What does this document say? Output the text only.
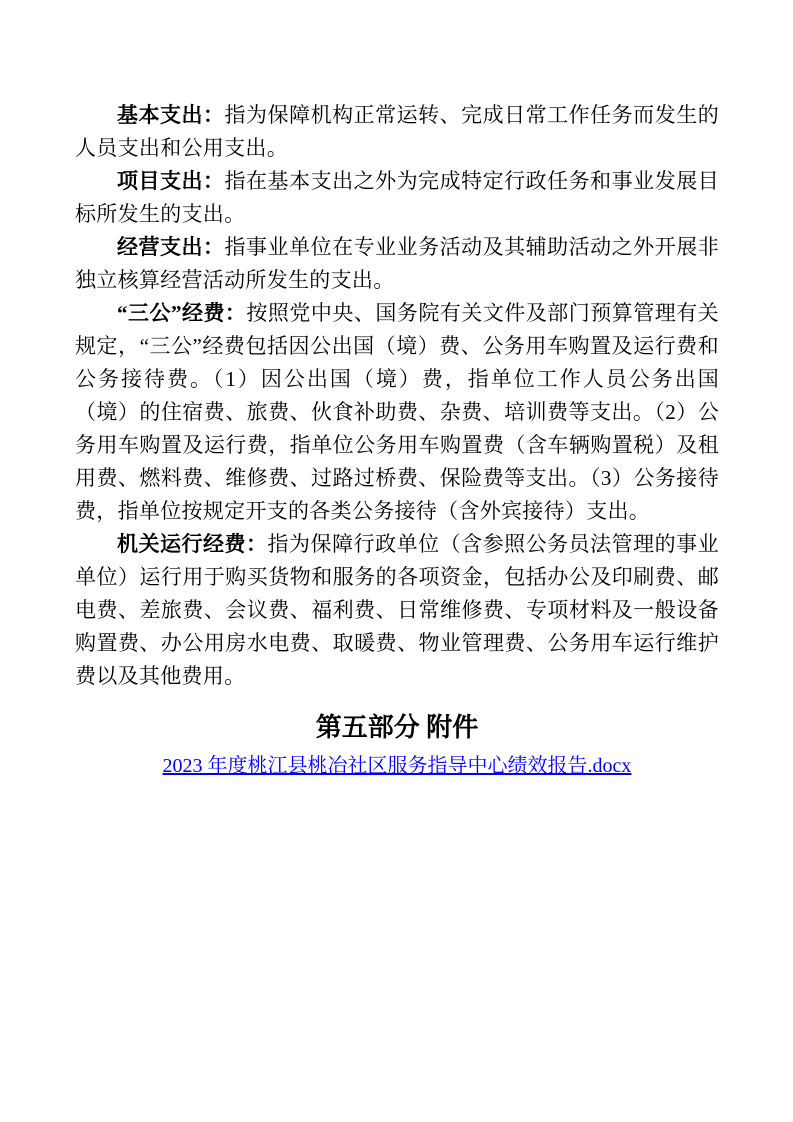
基本支出：指为保障机构正常运转、完成日常工作任务而发生的人员支出和公用支出。

项目支出：指在基本支出之外为完成特定行政任务和事业发展目标所发生的支出。

经营支出：指事业单位在专业业务活动及其辅助活动之外开展非独立核算经营活动所发生的支出。

“三公”经费：按照党中央、国务院有关文件及部门预算管理有关规定，“三公”经费包括因公出国（境）费、公务用车购置及运行费和公务接待费。（1）因公出国（境）费，指单位工作人员公务出国（境）的住宿费、旅费、伙食补助费、杂费、培训费等支出。（2）公务用车购置及运行费，指单位公务用车购置费（含车辆购置税）及租用费、燃料费、维修费、过路过桥费、保险费等支出。（3）公务接待费，指单位按规定开支的各类公务接待（含外宾接待）支出。

机关运行经费：指为保障行政单位（含参照公务员法管理的事业单位）运行用于购买货物和服务的各项资金，包括办公及印刷费、邮电费、差旅费、会议费、福利费、日常维修费、专项材料及一般设备购置费、办公用房水电费、取暖费、物业管理费、公务用车运行维护费以及其他费用。

第五部分 附件
2023 年度桃江县桃冶社区服务指导中心绩效报告.docx
